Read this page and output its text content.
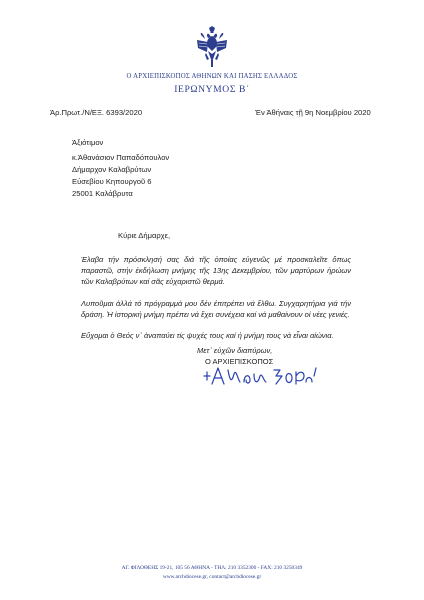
Ο ΑΡΧΙΕΠΙΣΚΟΠΟΣ ΑΘΗΝΩΝ ΚΑΙ ΠΑΣΗΣ ΕΛΛΑΔΟΣ
ΙΕΡΩΝΥΜΟΣ Β΄
Άρ.Πρωτ./Ν/ΕΞ. 6393/2020	Έν Άθήναις τῇ 9η Νοεμβρίου 2020
Άξιότιμον
κ.Άθανάσιον Παπαδόπουλον
Δήμαρχον Καλαβρύτων
Εὐσεβίου Κηπουργοῦ 6
25001 Καλάβρυτα
Κύριε Δήμαρχε,
Έλαβα τήν πρόσκλησή σας διά τῆς ὁποίας εὐγενῶς μέ προσκαλεῖτε ὅπως παραστῶ, στήν ἐκδήλωση μνήμης τῆς 13ης Δεκεμβρίου, τῶν μαρτύρων ἡρώων τῶν Καλαβρύτων καί σᾶς εὐχαριστῶ θερμά.
Λυποῦμαι ἀλλά τό πρόγραμμά μου δέν ἐπιτρέπει νά ἔλθω. Συγχαρητήρια γιά τήν δράση. Ἡ ἱστορική μνήμη πρέπει νά ἔχει συνέχεια καί νά μαθαίνουν οἱ νέες γενιές.
Εὔχομαι ὁ Θεός ν᾽ ἀναπαύει τίς ψυχές τους καί ἡ μνήμη τους νά εἶναι αἰώνια.
Μετ᾽ εὐχῶν διαπύρων,
Ο ΑΡΧΙΕΠΙΣΚΟΠΟΣ
ΑΓ. ΦΙΛΟΘΕΗΣ 19-21, 105 56 ΑΘΗΝΑ - ΤΗΛ: 210 3352300 - FAX: 210 3250349
www.archdiocese.gr, contact@archdiocese.gr
